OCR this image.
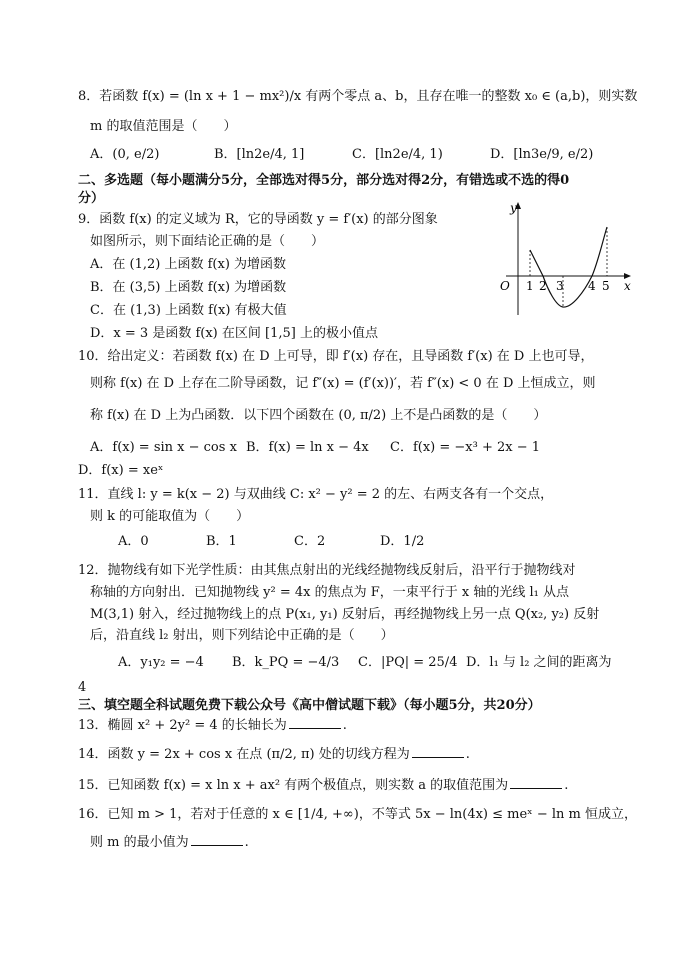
8．若函数 f(x) = (ln x + 1 − mx²)/x 有两个零点 a、b，且存在唯一的整数 x₀ ∈ (a,b)，则实数
m 的取值范围是（　　）
A．(0, e/2)	B．[ln2e/4, 1]	C．[ln2e/4, 1)	D．[ln3e/9, e/2)
二、多选题（每小题满分5分，全部选对得5分，部分选对得2分，有错选或不选的得0
分）
9．函数 f(x) 的定义域为 R，它的导函数 y = f′(x) 的部分图象
如图所示，则下面结论正确的是（　　）
A．在 (1,2) 上函数 f(x) 为增函数
B．在 (3,5) 上函数 f(x) 为增函数
C．在 (1,3) 上函数 f(x) 有极大值
D．x = 3 是函数 f(x) 在区间 [1,5] 上的极小值点
y
x
O 1 2 3 4 5
10．给出定义：若函数 f(x) 在 D 上可导，即 f′(x) 存在，且导函数 f′(x) 在 D 上也可导，
则称 f(x) 在 D 上存在二阶导函数，记 f″(x) = (f′(x))′，若 f″(x) < 0 在 D 上恒成立，则
称 f(x) 在 D 上为凸函数．以下四个函数在 (0, π/2) 上不是凸函数的是（　　）
A．f(x) = sin x − cos x B．f(x) = ln x − 4x C．f(x) = −x³ + 2x − 1
D．f(x) = xeˣ
11．直线 l: y = k(x − 2) 与双曲线 C: x² − y² = 2 的左、右两支各有一个交点，
则 k 的可能取值为（　　）
A．0	B．1	C．2	D．1/2
12．抛物线有如下光学性质：由其焦点射出的光线经抛物线反射后，沿平行于抛物线对
称轴的方向射出．已知抛物线 y² = 4x 的焦点为 F，一束平行于 x 轴的光线 l₁ 从点
M(3,1) 射入，经过抛物线上的点 P(x₁, y₁) 反射后，再经抛物线上另一点 Q(x₂, y₂) 反射
后，沿直线 l₂ 射出，则下列结论中正确的是（　　）
A．y₁y₂ = −4 B．k_PQ = −4/3 C．|PQ| = 25/4 D．l₁ 与 l₂ 之间的距离为
4
三、填空题全科试题免费下载公众号《高中僧试题下载》（每小题5分，共20分）
13．椭圆 x² + 2y² = 4 的长轴长为	.
14．函数 y = 2x + cos x 在点 (π/2, π) 处的切线方程为	.
15．已知函数 f(x) = x ln x + ax² 有两个极值点，则实数 a 的取值范围为	.
16．已知 m > 1，若对于任意的 x ∈ [1/4, +∞)，不等式 5x − ln(4x) ≤ meˣ − ln m 恒成立，
则 m 的最小值为	.
